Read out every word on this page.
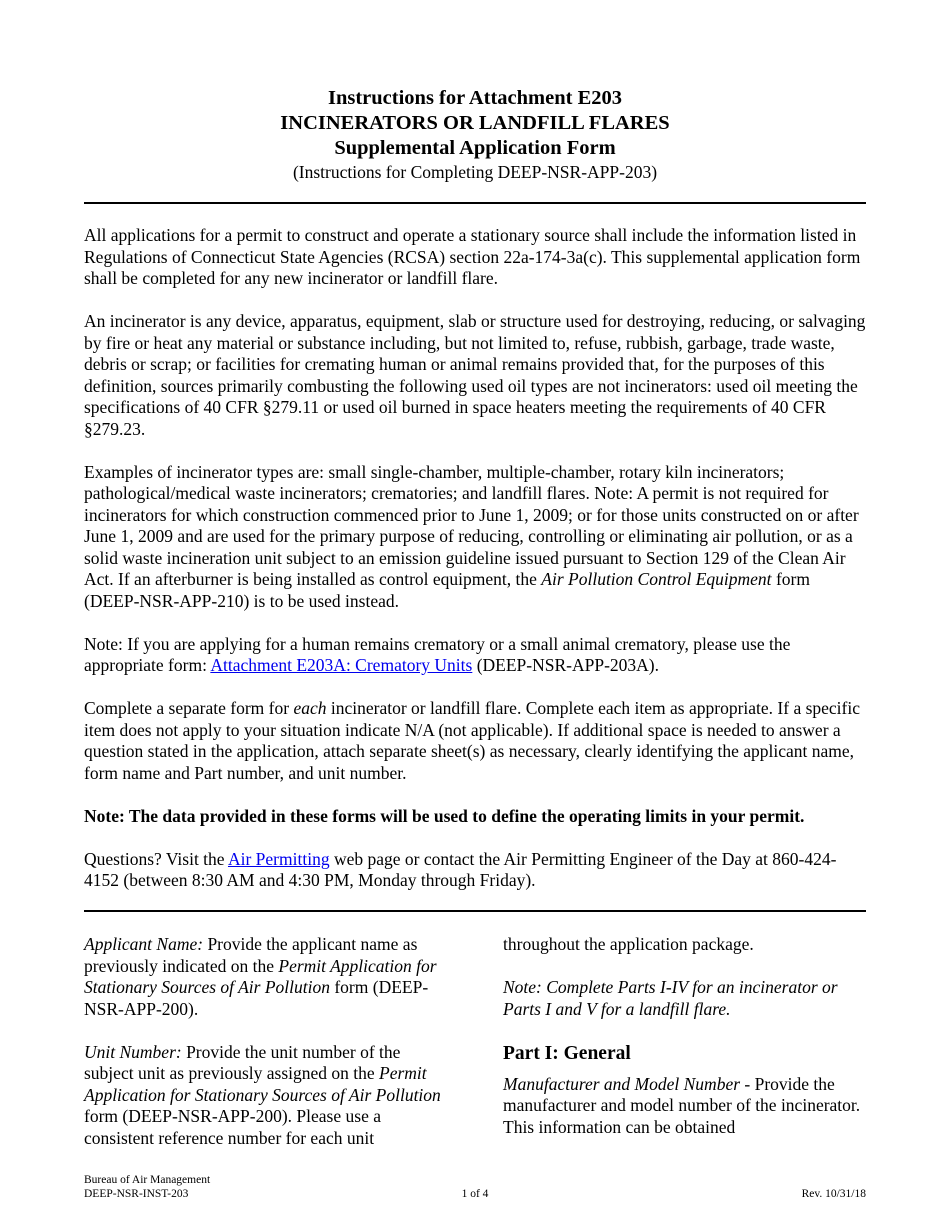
Instructions for Attachment E203
INCINERATORS OR LANDFILL FLARES
Supplemental Application Form
(Instructions for Completing DEEP-NSR-APP-203)

All applications for a permit to construct and operate a stationary source shall include the information listed in Regulations of Connecticut State Agencies (RCSA) section 22a-174-3a(c). This supplemental application form shall be completed for any new incinerator or landfill flare.

An incinerator is any device, apparatus, equipment, slab or structure used for destroying, reducing, or salvaging by fire or heat any material or substance including, but not limited to, refuse, rubbish, garbage, trade waste, debris or scrap; or facilities for cremating human or animal remains provided that, for the purposes of this definition, sources primarily combusting the following used oil types are not incinerators: used oil meeting the specifications of 40 CFR §279.11 or used oil burned in space heaters meeting the requirements of 40 CFR §279.23.

Examples of incinerator types are: small single-chamber, multiple-chamber, rotary kiln incinerators; pathological/medical waste incinerators; crematories; and landfill flares. Note: A permit is not required for incinerators for which construction commenced prior to June 1, 2009; or for those units constructed on or after June 1, 2009 and are used for the primary purpose of reducing, controlling or eliminating air pollution, or as a solid waste incineration unit subject to an emission guideline issued pursuant to Section 129 of the Clean Air Act. If an afterburner is being installed as control equipment, the Air Pollution Control Equipment form (DEEP-NSR-APP-210) is to be used instead.

Note: If you are applying for a human remains crematory or a small animal crematory, please use the appropriate form: Attachment E203A: Crematory Units (DEEP-NSR-APP-203A).

Complete a separate form for each incinerator or landfill flare. Complete each item as appropriate. If a specific item does not apply to your situation indicate N/A (not applicable). If additional space is needed to answer a question stated in the application, attach separate sheet(s) as necessary, clearly identifying the applicant name, form name and Part number, and unit number.

Note: The data provided in these forms will be used to define the operating limits in your permit.

Questions? Visit the Air Permitting web page or contact the Air Permitting Engineer of the Day at 860-424-4152 (between 8:30 AM and 4:30 PM, Monday through Friday).

Applicant Name: Provide the applicant name as previously indicated on the Permit Application for Stationary Sources of Air Pollution form (DEEP-NSR-APP-200).

Unit Number: Provide the unit number of the subject unit as previously assigned on the Permit Application for Stationary Sources of Air Pollution form (DEEP-NSR-APP-200). Please use a consistent reference number for each unit

throughout the application package.

Note: Complete Parts I-IV for an incinerator or Parts I and V for a landfill flare.

Part I: General

Manufacturer and Model Number - Provide the manufacturer and model number of the incinerator. This information can be obtained

Bureau of Air Management
DEEP-NSR-INST-203	1 of 4	Rev. 10/31/18
